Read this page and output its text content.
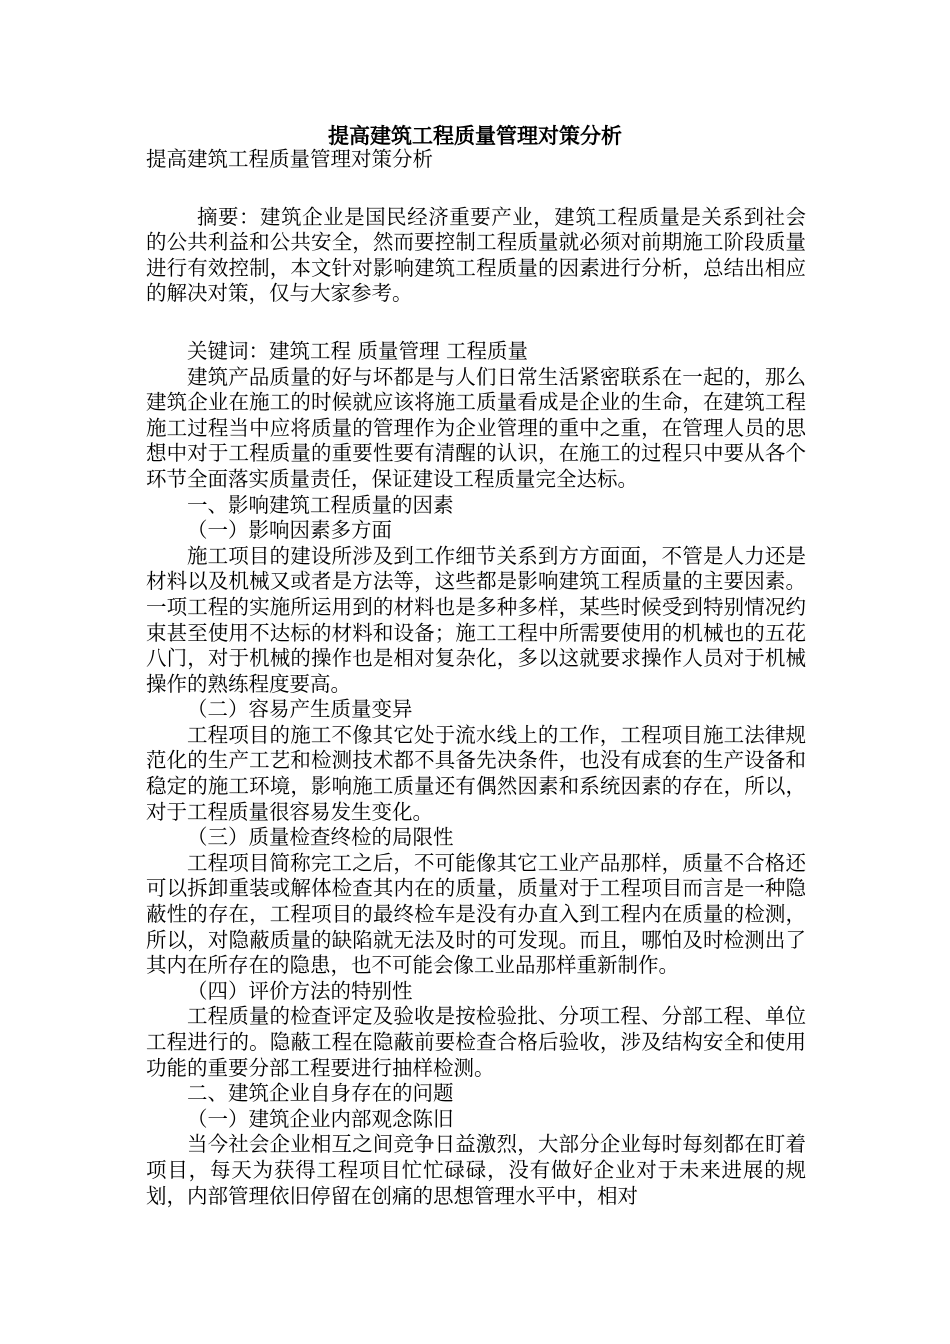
提高建筑工程质量管理对策分析

提高建筑工程质量管理对策分析

摘要：建筑企业是国民经济重要产业，建筑工程质量是关系到社会的公共利益和公共安全，然而要控制工程质量就必须对前期施工阶段质量进行有效控制，本文针对影响建筑工程质量的因素进行分析，总结出相应的解决对策，仅与大家参考。

关键词：建筑工程 质量管理 工程质量

建筑产品质量的好与坏都是与人们日常生活紧密联系在一起的，那么建筑企业在施工的时候就应该将施工质量看成是企业的生命，在建筑工程施工过程当中应将质量的管理作为企业管理的重中之重，在管理人员的思想中对于工程质量的重要性要有清醒的认识，在施工的过程只中要从各个环节全面落实质量责任，保证建设工程质量完全达标。

一、影响建筑工程质量的因素

（一）影响因素多方面

施工项目的建设所涉及到工作细节关系到方方面面，不管是人力还是材料以及机械又或者是方法等，这些都是影响建筑工程质量的主要因素。一项工程的实施所运用到的材料也是多种多样，某些时候受到特别情况约束甚至使用不达标的材料和设备；施工工程中所需要使用的机械也的五花八门，对于机械的操作也是相对复杂化，多以这就要求操作人员对于机械操作的熟练程度要高。

（二）容易产生质量变异

工程项目的施工不像其它处于流水线上的工作，工程项目施工法律规范化的生产工艺和检测技术都不具备先决条件，也没有成套的生产设备和稳定的施工环境，影响施工质量还有偶然因素和系统因素的存在，所以，对于工程质量很容易发生变化。

（三）质量检查终检的局限性

工程项目简称完工之后，不可能像其它工业产品那样，质量不合格还可以拆卸重装或解体检查其内在的质量，质量对于工程项目而言是一种隐蔽性的存在，工程项目的最终检车是没有办直入到工程内在质量的检测，所以，对隐蔽质量的缺陷就无法及时的可发现。而且，哪怕及时检测出了其内在所存在的隐患，也不可能会像工业品那样重新制作。

（四）评价方法的特别性

工程质量的检查评定及验收是按检验批、分项工程、分部工程、单位工程进行的。隐蔽工程在隐蔽前要检查合格后验收，涉及结构安全和使用功能的重要分部工程要进行抽样检测。

二、建筑企业自身存在的问题

（一）建筑企业内部观念陈旧

当今社会企业相互之间竞争日益激烈，大部分企业每时每刻都在盯着项目，每天为获得工程项目忙忙碌碌，没有做好企业对于未来进展的规划，内部管理依旧停留在创痛的思想管理水平中，相对
